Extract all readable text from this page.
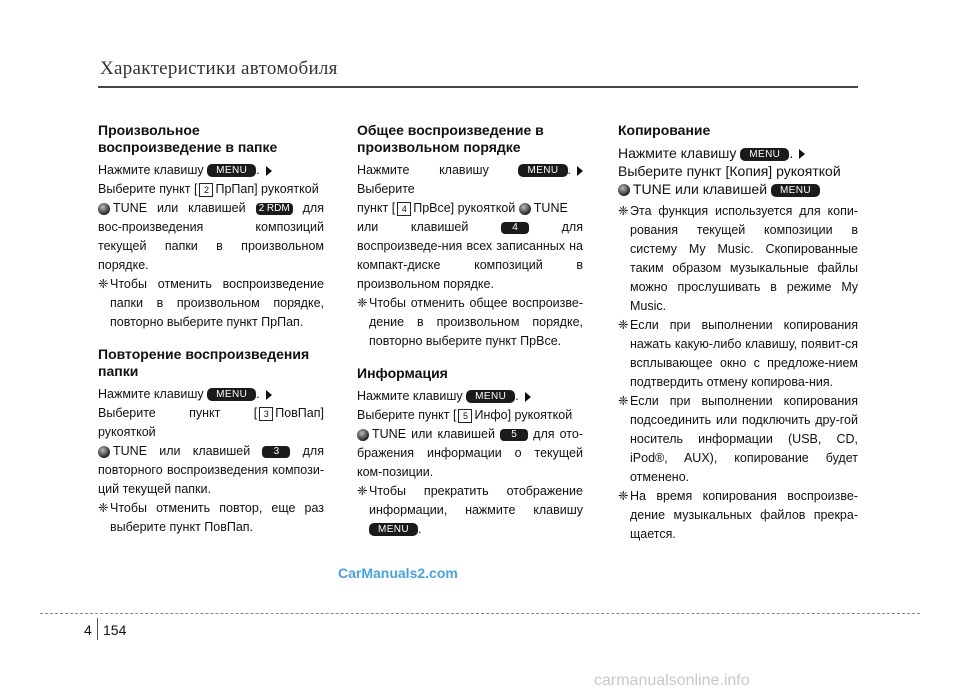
Характеристики автомобиля
Произвольное воспроизведение в папке

Нажмите клавишу MENU .
Выберите пункт [ 2 ПрПап] рукояткой
TUNE или клавишей 2 RDM для вос-произведения композиций текущей папки в произвольном порядке.

❈ Чтобы отменить воспроизведение папки в произвольном порядке, повторно выберите пункт ПрПап.
Повторение воспроизведения папки

Нажмите клавишу MENU .
Выберите пункт [ 3 ПовПап] рукояткой
TUNE или клавишей 3 для повторного воспроизведения компози-ций текущей папки.

❈ Чтобы отменить повтор, еще раз выберите пункт ПовПап.
Общее воспроизведение в произвольном порядке

Нажмите клавишу	MENU . Выберите
пункт [ 4 ПрВсе] рукояткой TUNE
или клавишей	4	для воспроизведе-ния всех записанных на компакт-диске композиций в произвольном порядке.

❈ Чтобы отменить общее воспроизве-дение в произвольном порядке, повторно выберите пункт ПрВсе.
Информация

Нажмите клавишу MENU .
Выберите пункт [ 5 Инфо] рукояткой
TUNE или клавишей 5 для ото-бражения информации о текущей ком-позиции.

❈ Чтобы прекратить отображение информации, нажмите клавишу MENU .
Копирование

Нажмите клавишу MENU .
Выберите пункт [Копия] рукояткой
TUNE или клавишей MENU

❈ Эта функция используется для копи-рования текущей композиции в систему My Music. Скопированные таким образом музыкальные файлы можно прослушивать в режиме My Music.
❈ Если при выполнении копирования нажать какую-либо клавишу, появит-ся всплывающее окно с предложе-нием подтвердить отмену копирова-ния.
❈ Если при выполнении копирования подсоединить или подключить дру-гой носитель информации (USB, CD, iPod®, AUX), копирование будет отменено.
❈ На время копирования воспроизве-дение музыкальных файлов прекра-щается.
CarManuals2.com
4 154
carmanualsonline.info
